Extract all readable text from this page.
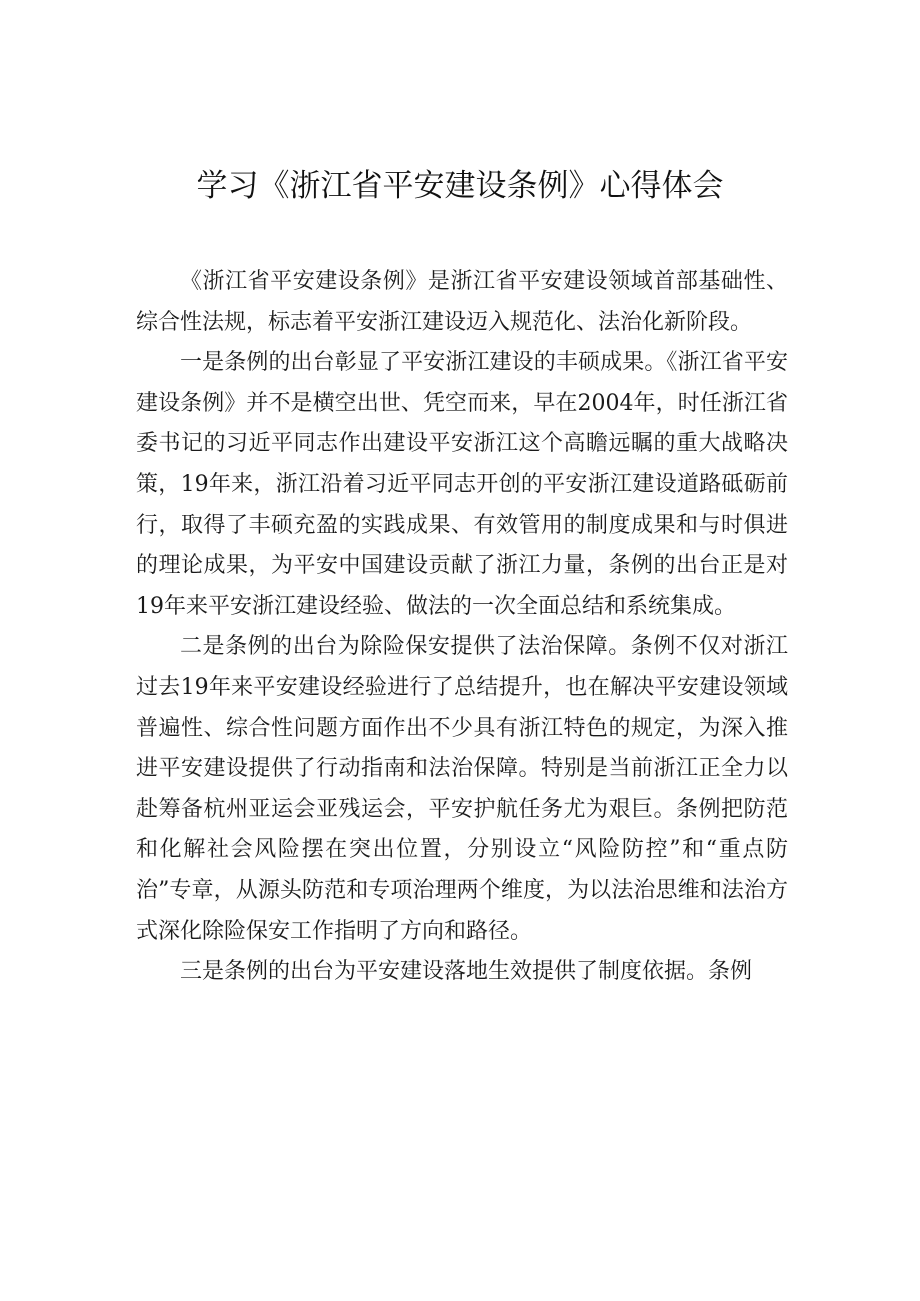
学习《浙江省平安建设条例》心得体会

《浙江省平安建设条例》是浙江省平安建设领域首部基础性、综合性法规，标志着平安浙江建设迈入规范化、法治化新阶段。

一是条例的出台彰显了平安浙江建设的丰硕成果。《浙江省平安建设条例》并不是横空出世、凭空而来，早在2004年，时任浙江省委书记的习近平同志作出建设平安浙江这个高瞻远瞩的重大战略决策，19年来，浙江沿着习近平同志开创的平安浙江建设道路砥砺前行，取得了丰硕充盈的实践成果、有效管用的制度成果和与时俱进的理论成果，为平安中国建设贡献了浙江力量，条例的出台正是对19年来平安浙江建设经验、做法的一次全面总结和系统集成。

二是条例的出台为除险保安提供了法治保障。条例不仅对浙江过去19年来平安建设经验进行了总结提升，也在解决平安建设领域普遍性、综合性问题方面作出不少具有浙江特色的规定，为深入推进平安建设提供了行动指南和法治保障。特别是当前浙江正全力以赴筹备杭州亚运会亚残运会，平安护航任务尤为艰巨。条例把防范和化解社会风险摆在突出位置，分别设立“风险防控”和“重点防治”专章，从源头防范和专项治理两个维度，为以法治思维和法治方式深化除险保安工作指明了方向和路径。

三是条例的出台为平安建设落地生效提供了制度依据。条例
